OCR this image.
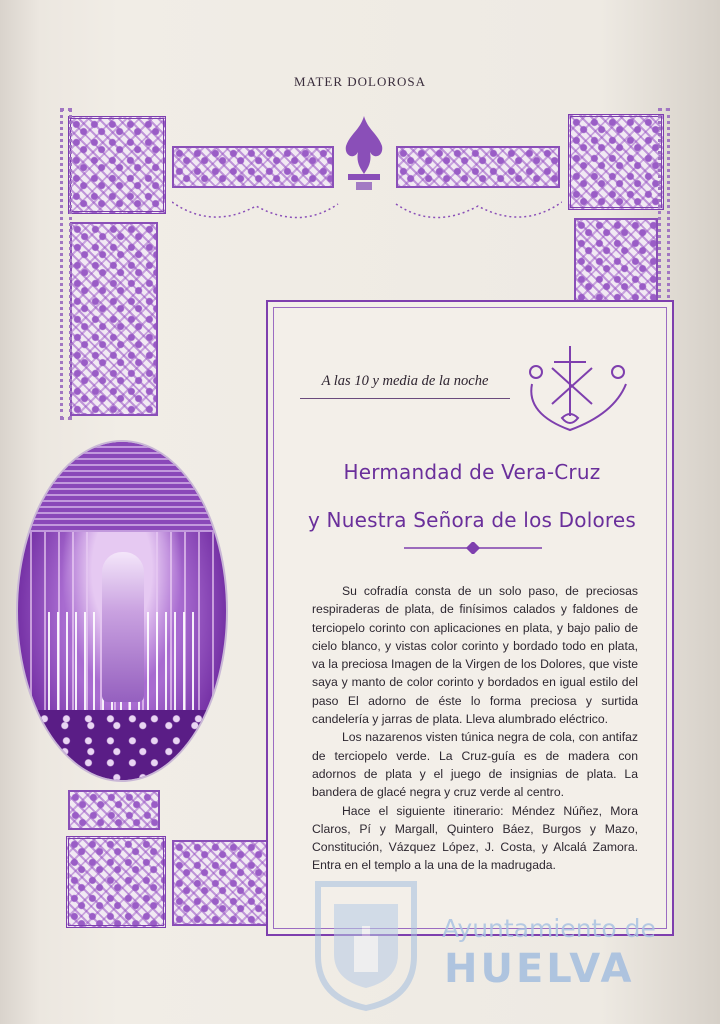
MATER DOLOROSA
A las 10 y media de la noche
Hermandad de Vera-Cruz
y Nuestra Señora de los Dolores

Su cofradía consta de un solo paso, de preciosas respiraderas de plata, de finísimos calados y faldones de terciopelo corinto con aplicaciones en plata, y bajo palio de cielo blanco, y vistas color corinto y bordado todo en plata, va la preciosa Imagen de la Virgen de los Dolores, que viste saya y manto de color corinto y bordados en igual estilo del paso El adorno de éste lo forma preciosa y surtida candelería y jarras de plata. Lleva alumbrado eléctrico.

Los nazarenos visten túnica negra de cola, con antifaz de terciopelo verde. La Cruz-guía es de madera con adornos de plata y el juego de insignias de plata. La bandera de glacé negra y cruz verde al centro.

Hace el siguiente itinerario: Méndez Núñez, Mora Claros, Pí y Margall, Quintero Báez, Burgos y Mazo, Constitución, Vázquez López, J. Costa, y Alcalá Zamora. Entra en el templo a la una de la madrugada.

Ayuntamiento de
HUELVA
